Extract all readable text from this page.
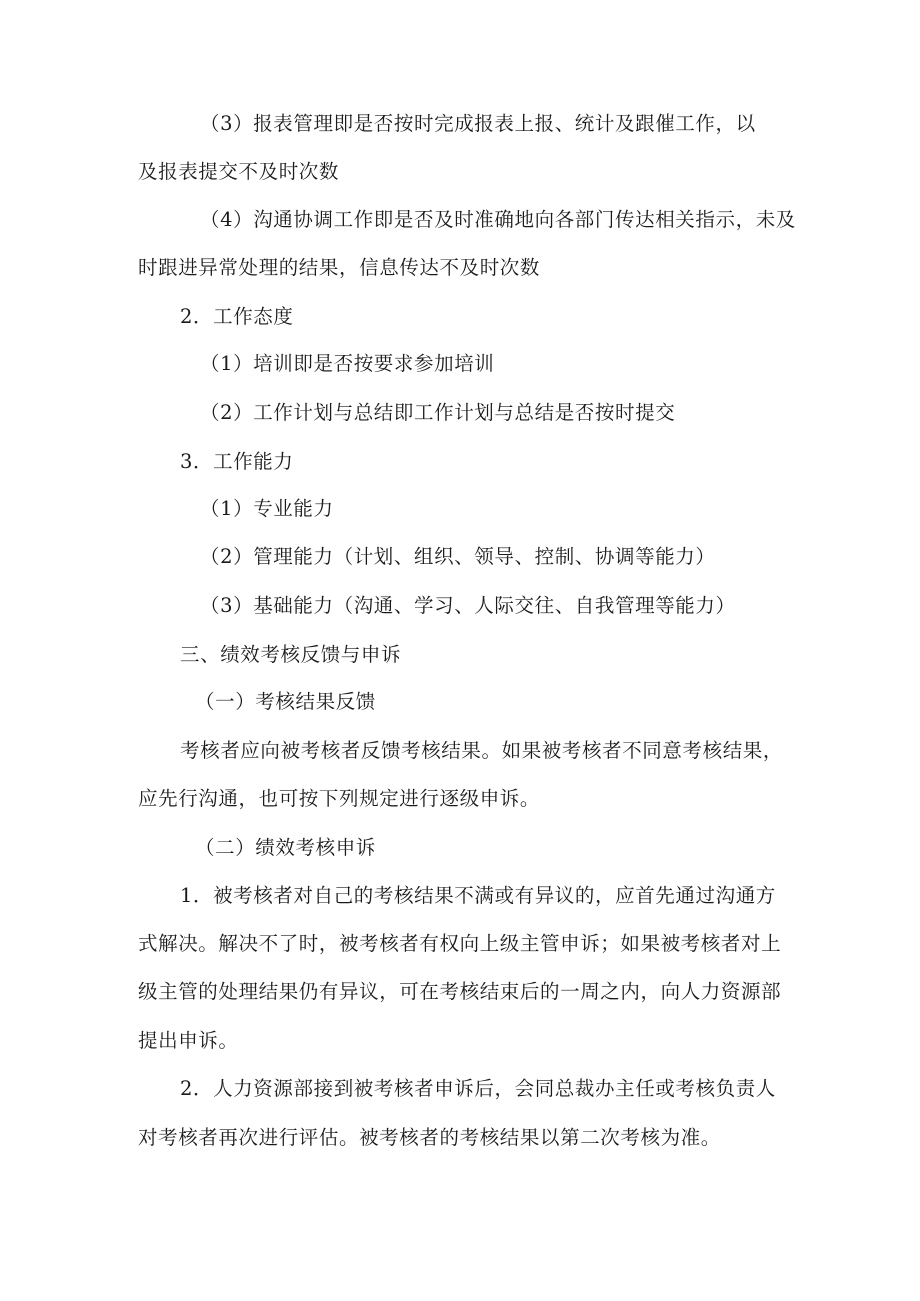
（3）报表管理即是否按时完成报表上报、统计及跟催工作，以
及报表提交不及时次数
（4）沟通协调工作即是否及时准确地向各部门传达相关指示，未及
时跟进异常处理的结果，信息传达不及时次数
2．工作态度
（1）培训即是否按要求参加培训
（2）工作计划与总结即工作计划与总结是否按时提交
3．工作能力
（1）专业能力
（2）管理能力（计划、组织、领导、控制、协调等能力）
（3）基础能力（沟通、学习、人际交往、自我管理等能力）
三、绩效考核反馈与申诉
（一）考核结果反馈
考核者应向被考核者反馈考核结果。如果被考核者不同意考核结果，
应先行沟通，也可按下列规定进行逐级申诉。
（二）绩效考核申诉
1．被考核者对自己的考核结果不满或有异议的，应首先通过沟通方
式解决。解决不了时，被考核者有权向上级主管申诉；如果被考核者对上
级主管的处理结果仍有异议，可在考核结束后的一周之内，向人力资源部
提出申诉。
2．人力资源部接到被考核者申诉后，会同总裁办主任或考核负责人
对考核者再次进行评估。被考核者的考核结果以第二次考核为准。
